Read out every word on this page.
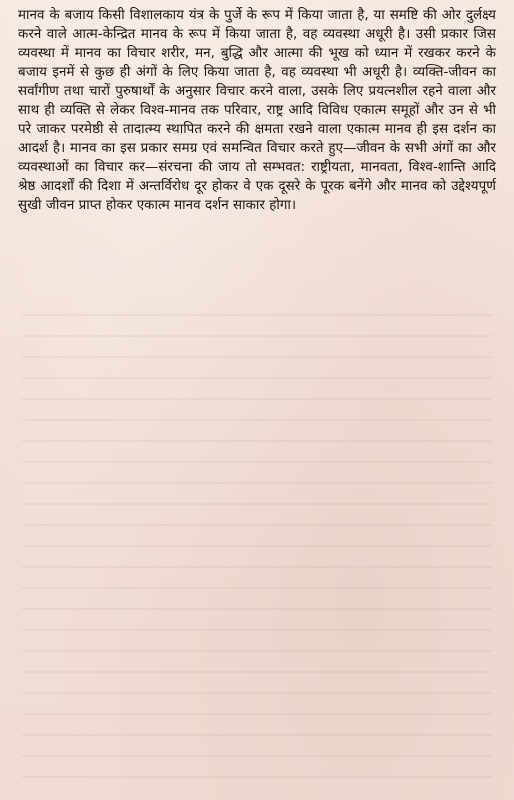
मानव के बजाय किसी विशालकाय यंत्र के पुर्जे के रूप में किया जाता है, या समष्टि की ओर दुर्लक्ष्य करने वाले आत्म-केन्द्रित मानव के रूप में किया जाता है, वह व्यवस्था अधूरी है। उसी प्रकार जिस व्यवस्था में मानव का विचार शरीर, मन, बुद्धि और आत्मा की भूख को ध्यान में रखकर करने के बजाय इनमें से कुछ ही अंगों के लिए किया जाता है, वह व्यवस्था भी अधूरी है। व्यक्ति-जीवन का सर्वांगीण तथा चारों पुरुषार्थों के अनुसार विचार करने वाला, उसके लिए प्रयत्नशील रहने वाला और साथ ही व्यक्ति से लेकर विश्व-मानव तक परिवार, राष्ट्र आदि विविध एकात्म समूहों और उन से भी परे जाकर परमेष्ठी से तादात्म्य स्थापित करने की क्षमता रखने वाला एकात्म मानव ही इस दर्शन का आदर्श है। मानव का इस प्रकार समग्र एवं समन्वित विचार करते हुए—जीवन के सभी अंगों का और व्यवस्थाओं का विचार कर—संरचना की जाय तो सम्भवत: राष्ट्रीयता, मानवता, विश्व-शान्ति आदि श्रेष्ठ आदर्शों की दिशा में अन्तर्विरोध दूर होकर वे एक दूसरे के पूरक बनेंगे और मानव को उद्देश्यपूर्ण सुखी जीवन प्राप्त होकर एकात्म मानव दर्शन साकार होगा।
